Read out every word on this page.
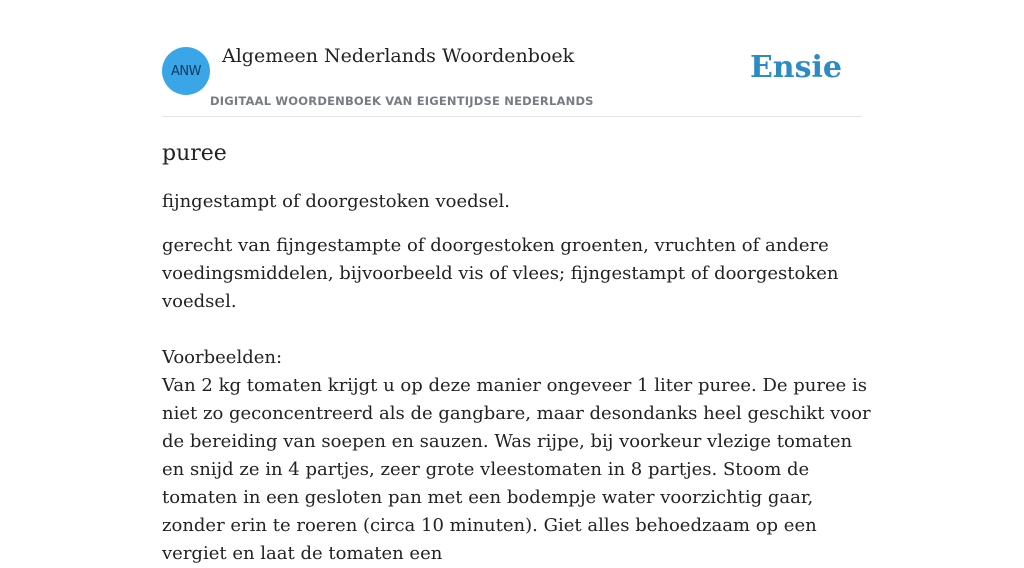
ANW
Algemeen Nederlands Woordenboek
DIGITAAL WOORDENBOEK VAN EIGENTIJDSE NEDERLANDS
Ensie
puree

fijngestampt of doorgestoken voedsel.

gerecht van fijngestampte of doorgestoken groenten, vruchten of andere voedingsmiddelen, bijvoorbeeld vis of vlees; fijngestampt of doorgestoken voedsel.

Voorbeelden:

Van 2 kg tomaten krijgt u op deze manier ongeveer 1 liter puree. De puree is niet zo geconcentreerd als de gangbare, maar desondanks heel geschikt voor de bereiding van soepen en sauzen. Was rijpe, bij voorkeur vlezige tomaten en snijd ze in 4 partjes, zeer grote vleestomaten in 8 partjes. Stoom de tomaten in een gesloten pan met een bodempje water voorzichtig gaar, zonder erin te roeren (circa 10 minuten). Giet alles behoedzaam op een vergiet en laat de tomaten een
